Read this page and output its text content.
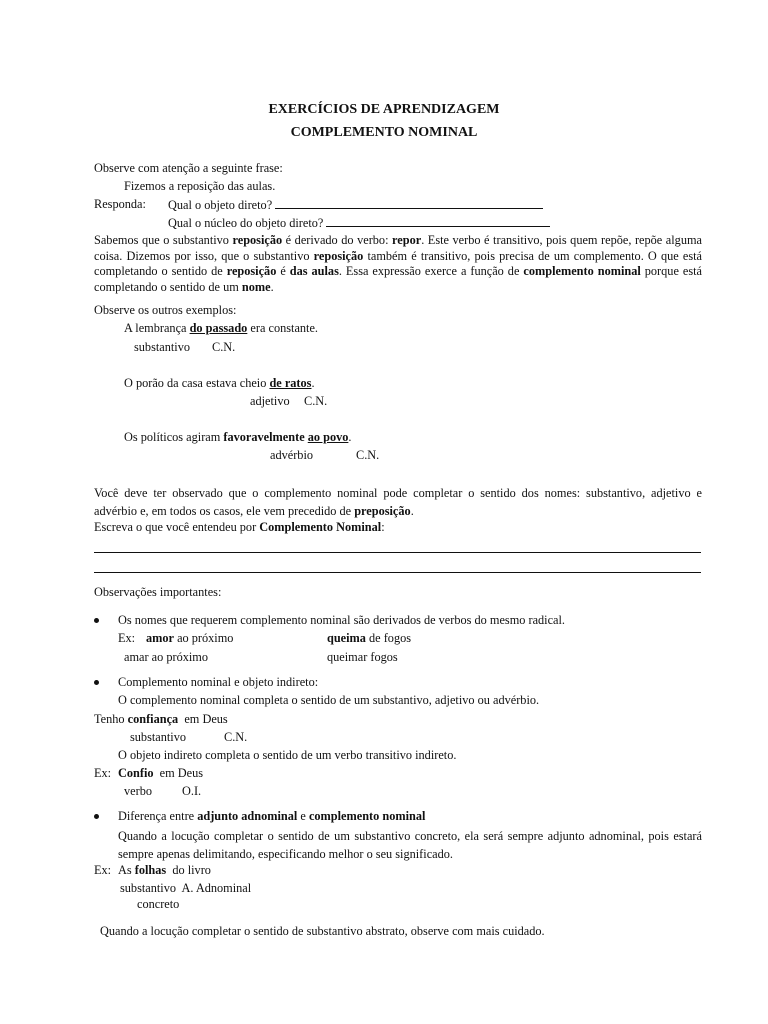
EXERCÍCIOS DE APRENDIZAGEM
COMPLEMENTO NOMINAL
Observe com atenção a seguinte frase:
Fizemos a reposição das aulas.
Responda: Qual o objeto direto?
Qual o núcleo do objeto direto?
Sabemos que o substantivo reposição é derivado do verbo: repor. Este verbo é transitivo, pois quem repõe, repõe alguma coisa. Dizemos por isso, que o substantivo reposição também é transitivo, pois precisa de um complemento. O que está completando o sentido de reposição é das aulas. Essa expressão exerce a função de complemento nominal porque está completando o sentido de um nome.
Observe os outros exemplos:
A lembrança do passado era constante.
substantivo C.N.
O porão da casa estava cheio de ratos.
adjetivo C.N.
Os políticos agiram favoravelmente ao povo.
advérbio	C.N.
Você deve ter observado que o complemento nominal pode completar o sentido dos nomes: substantivo, adjetivo e advérbio e, em todos os casos, ele vem precedido de preposição.
Escreva o que você entendeu por Complemento Nominal:
Observações importantes:
Os nomes que requerem complemento nominal são derivados de verbos do mesmo radical.
Ex: amor ao próximo	queima de fogos
amar ao próximo	queimar fogos
Complemento nominal e objeto indireto:
O complemento nominal completa o sentido de um substantivo, adjetivo ou advérbio.
Tenho confiança  em Deus
substantivo	C.N.
O objeto indireto completa o sentido de um verbo transitivo indireto.
Ex: Confio  em Deus
verbo O.I.
Diferença entre adjunto adnominal e complemento nominal
Quando a locução completar o sentido de um substantivo concreto, ela será sempre adjunto adnominal, pois estará sempre apenas delimitando, especificando melhor o seu significado.
Ex: As folhas  do livro
substantivo  A. Adnominal
concreto
Quando a locução completar o sentido de substantivo abstrato, observe com mais cuidado.
